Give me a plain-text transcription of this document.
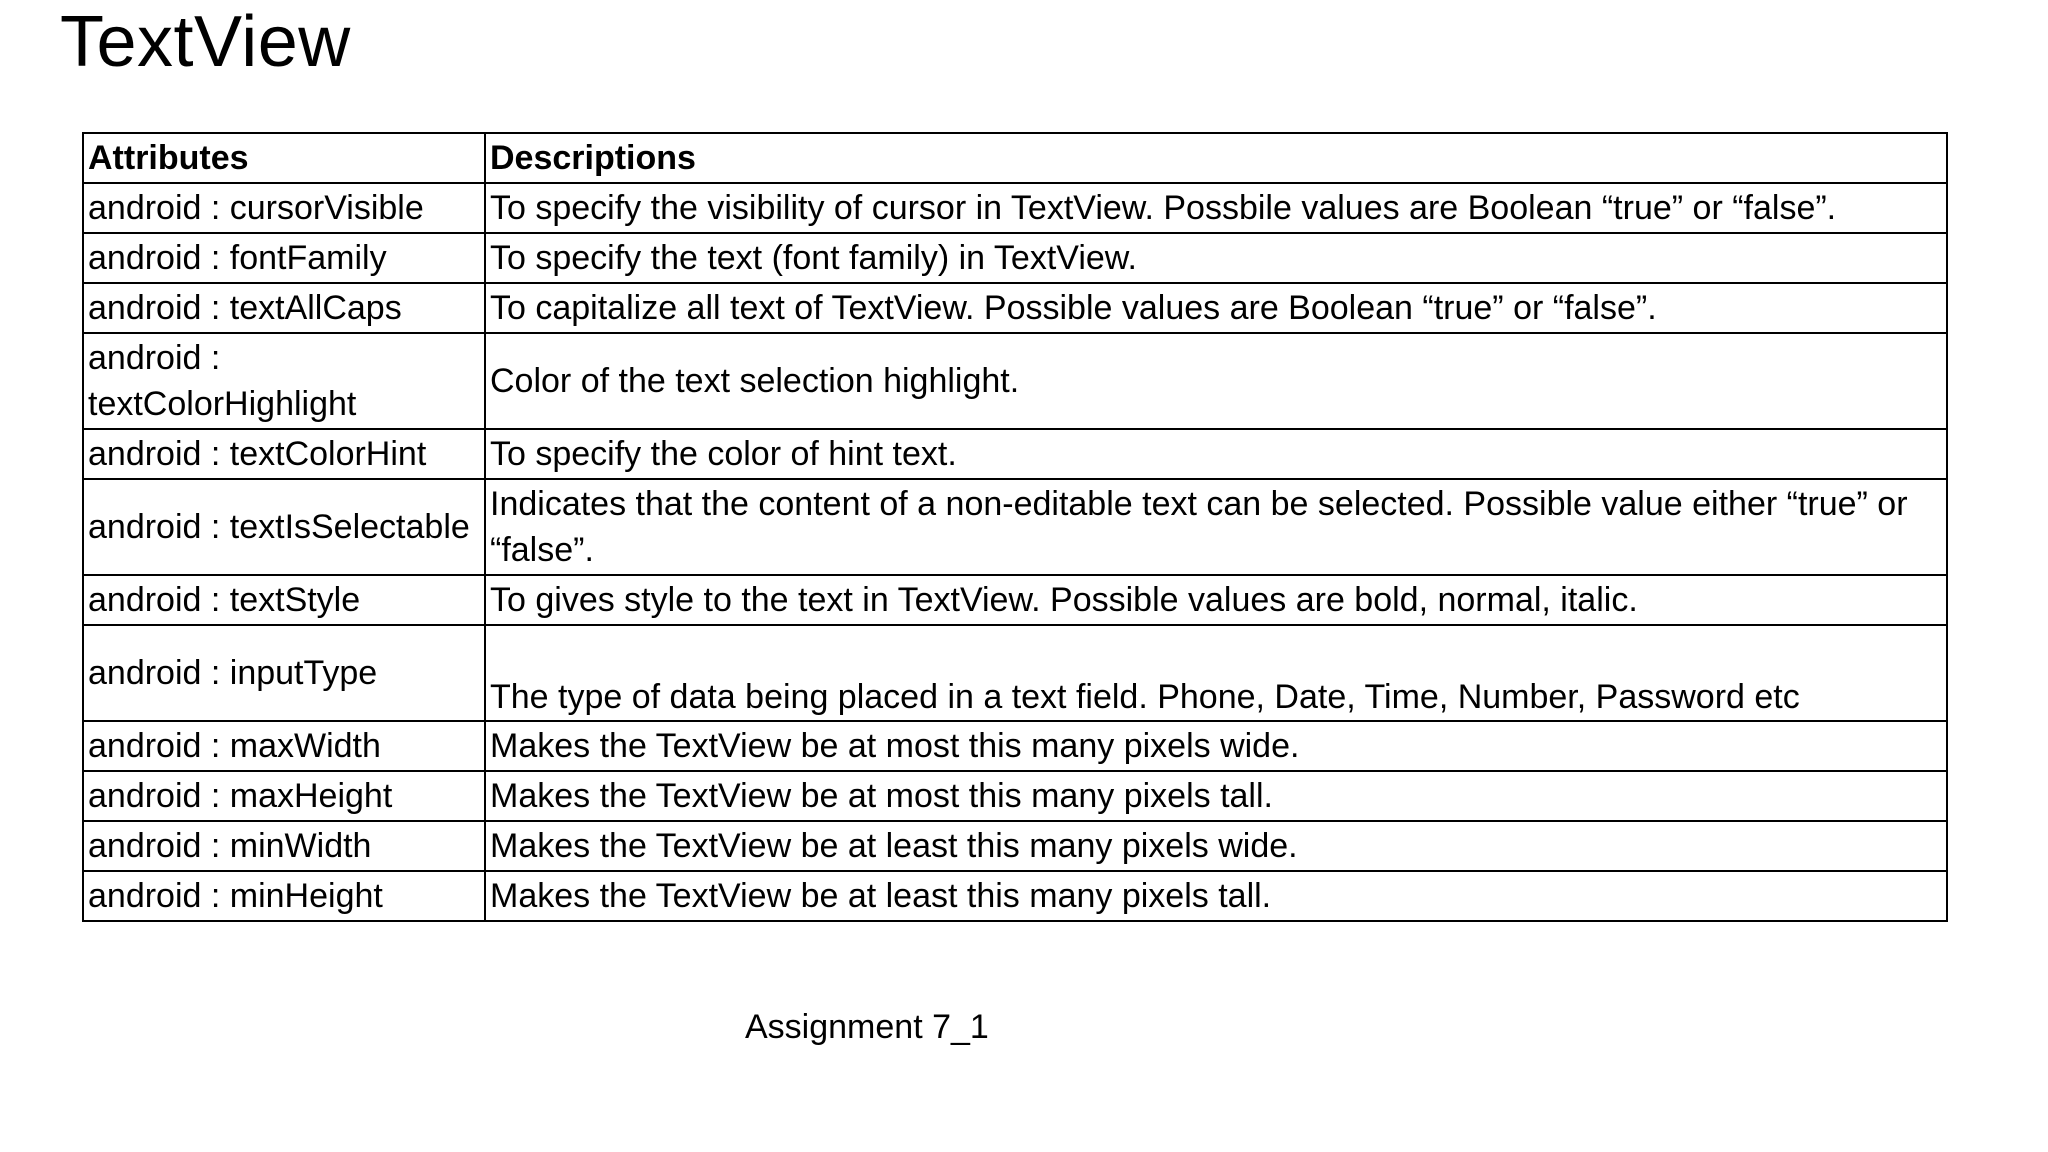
TextView
Attributes	Descriptions
android : cursorVisible	To specify the visibility of cursor in TextView. Possbile values are Boolean “true” or “false”.
android : fontFamily	To specify the text (font family) in TextView.
android : textAllCaps	To capitalize all text of TextView. Possible values are Boolean “true” or “false”.
android : textColorHighlight	Color of the text selection highlight.
android : textColorHint	To specify the color of hint text.
android : textIsSelectable	Indicates that the content of a non-editable text can be selected. Possible value either “true” or “false”.
android : textStyle	To gives style to the text in TextView. Possible values are bold, normal, italic.
android : inputType	The type of data being placed in a text field. Phone, Date, Time, Number, Password etc
android : maxWidth	Makes the TextView be at most this many pixels wide.
android : maxHeight	Makes the TextView be at most this many pixels tall.
android : minWidth	Makes the TextView be at least this many pixels wide.
android : minHeight	Makes the TextView be at least this many pixels tall.
Assignment 7_1
